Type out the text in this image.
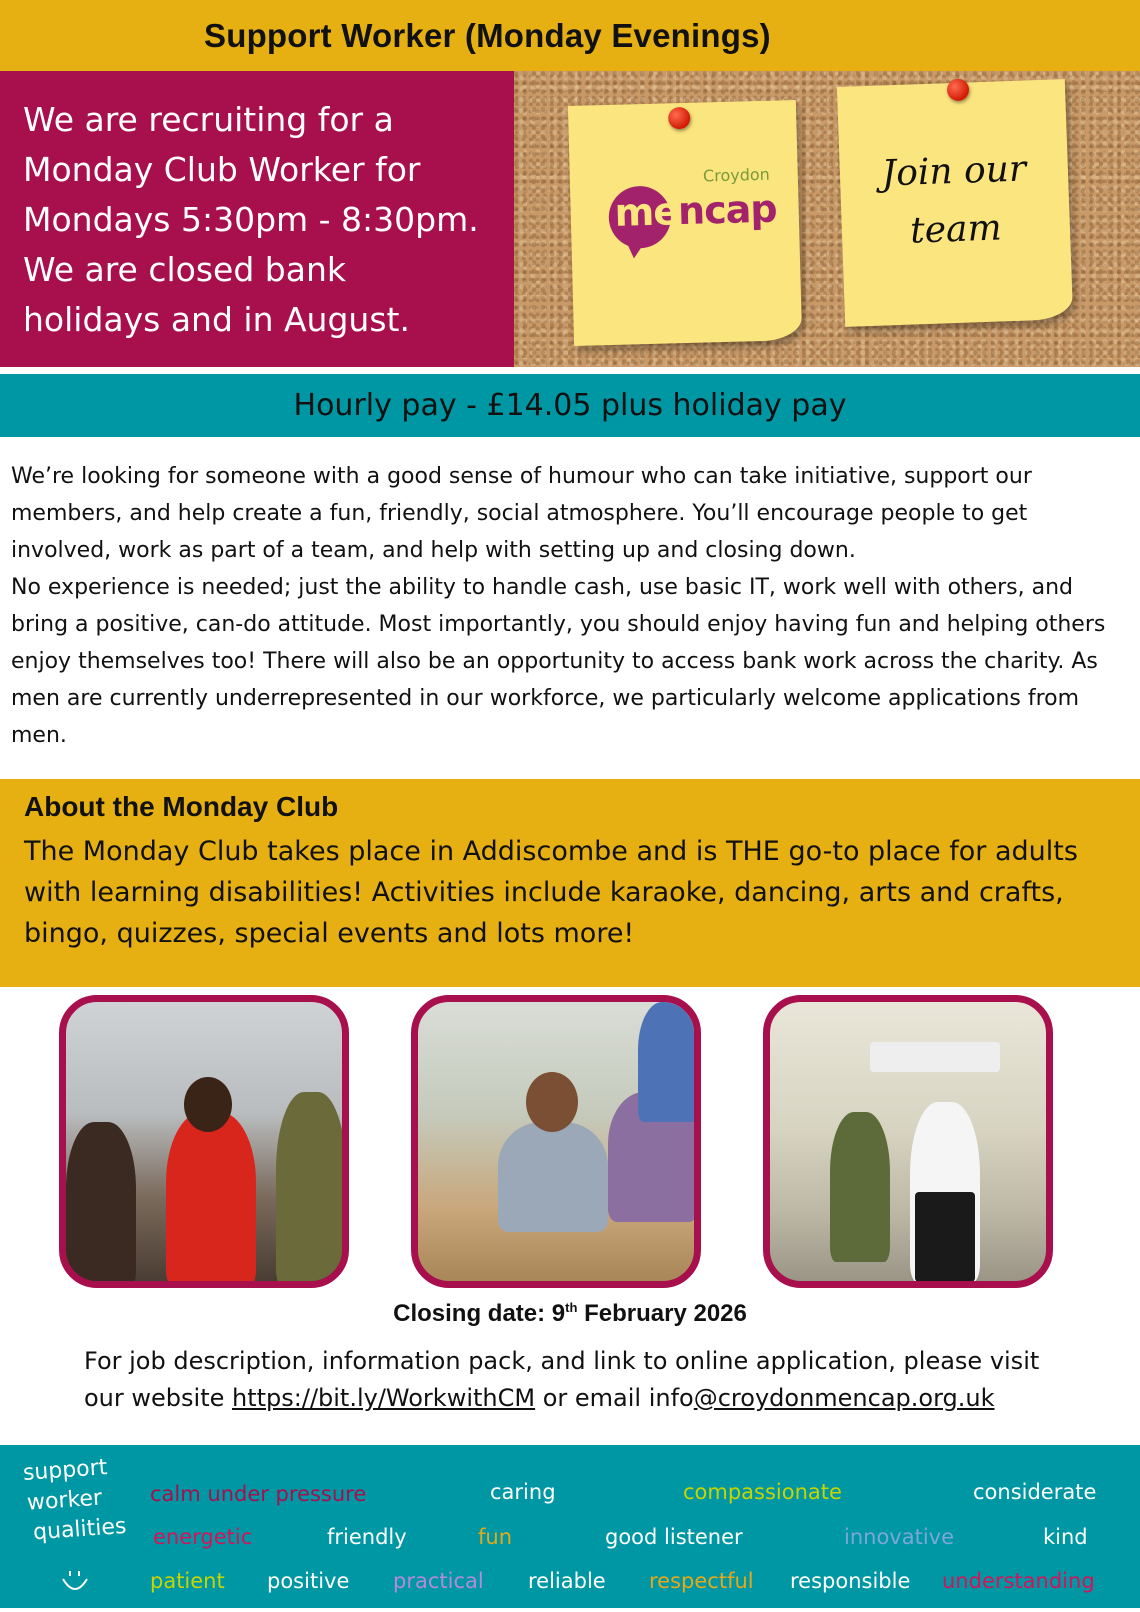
Support Worker (Monday Evenings)

We are recruiting for a

Monday Club Worker for

Mondays 5:30pm - 8:30pm.

We are closed bank

holidays and in August.

Croydon
mencap
Join our
team
Hourly pay - £14.05 plus holiday pay

We’re looking for someone with a good sense of humour who can take initiative, support our members, and help create a fun, friendly, social atmosphere. You’ll encourage people to get involved, work as part of a team, and help with setting up and closing down.

No experience is needed; just the ability to handle cash, use basic IT, work well with others, and bring a positive, can-do attitude. Most importantly, you should enjoy having fun and helping others enjoy themselves too! There will also be an opportunity to access bank work across the charity. As men are currently underrepresented in our workforce, we particularly welcome applications from men.

About the Monday Club

The Monday Club takes place in Addiscombe and is THE go-to place for adults with learning disabilities! Activities include karaoke, dancing, arts and crafts, bingo, quizzes, special events and lots more!

Closing date: 9th February 2026
For job description, information pack, and link to online application, please visit
our website https://bit.ly/WorkwithCM or email info@croydonmencap.org.uk
support
worker
qualities
calm under pressure	caring	compassionate	considerate
energetic	friendly	fun	good listener	innovative	kind
patient positive practical reliable respectful responsible understanding
